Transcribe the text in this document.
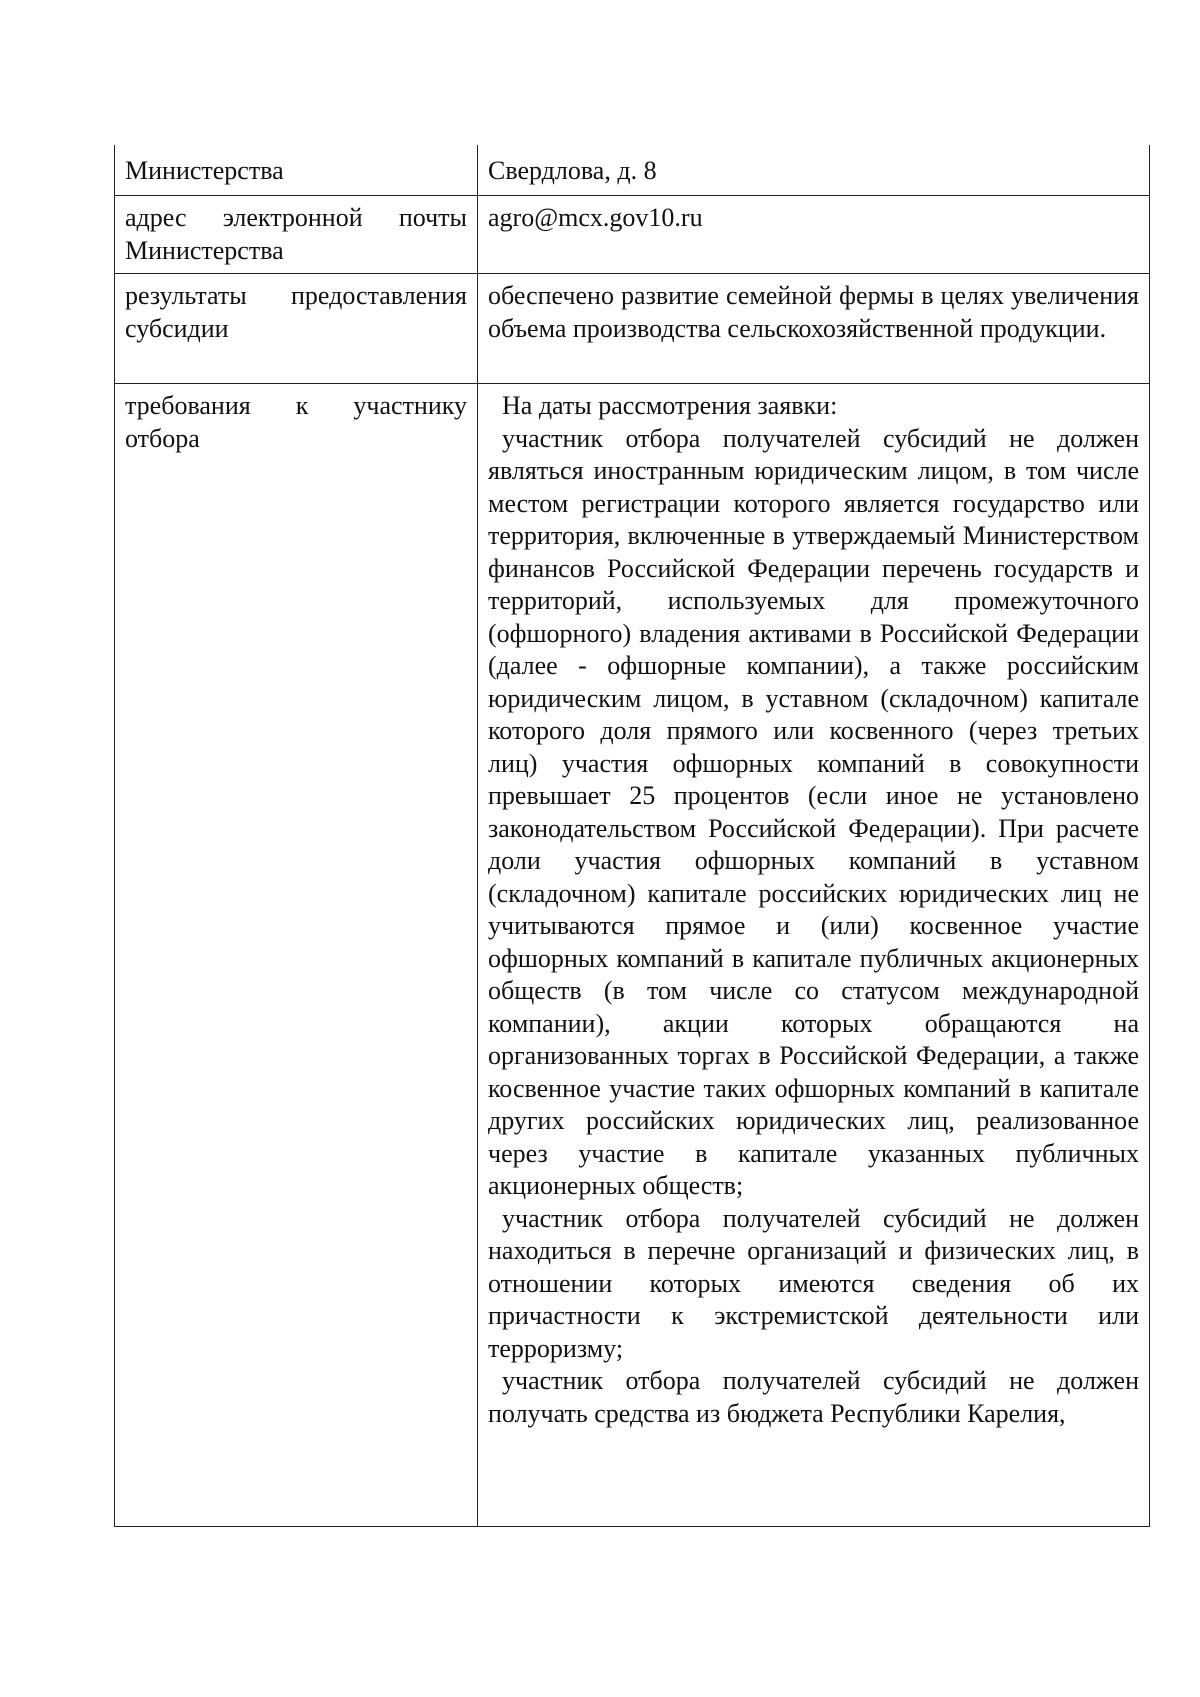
Министерства	Свердлова, д. 8
адрес электронной почты Министерства	agro@mcx.gov10.ru
результаты предоставления субсидии	обеспечено развитие семейной фермы в целях увеличения объема производства сельскохозяйственной продукции.
требования к участнику отбора	На даты рассмотрения заявки:

участник отбора получателей субсидий не должен являться иностранным юридическим лицом, в том числе местом регистрации которого является государство или территория, включенные в утверждаемый Министерством финансов Российской Федерации перечень государств и территорий, используемых для промежуточного (офшорного) владения активами в Российской Федерации (далее - офшорные компании), а также российским юридическим лицом, в уставном (складочном) капитале которого доля прямого или косвенного (через третьих лиц) участия офшорных компаний в совокупности превышает 25 процентов (если иное не установлено законодательством Российской Федерации). При расчете доли участия офшорных компаний в уставном (складочном) капитале российских юридических лиц не учитываются прямое и (или) косвенное участие офшорных компаний в капитале публичных акционерных обществ (в том числе со статусом международной компании), акции которых обращаются на организованных торгах в Российской Федерации, а также косвенное участие таких офшорных компаний в капитале других российских юридических лиц, реализованное через участие в капитале указанных публичных акционерных обществ;

участник отбора получателей субсидий не должен находиться в перечне организаций и физических лиц, в отношении которых имеются сведения об их причастности к экстремистской деятельности или терроризму;

участник отбора получателей субсидий не должен получать средства из бюджета Республики Карелия,
